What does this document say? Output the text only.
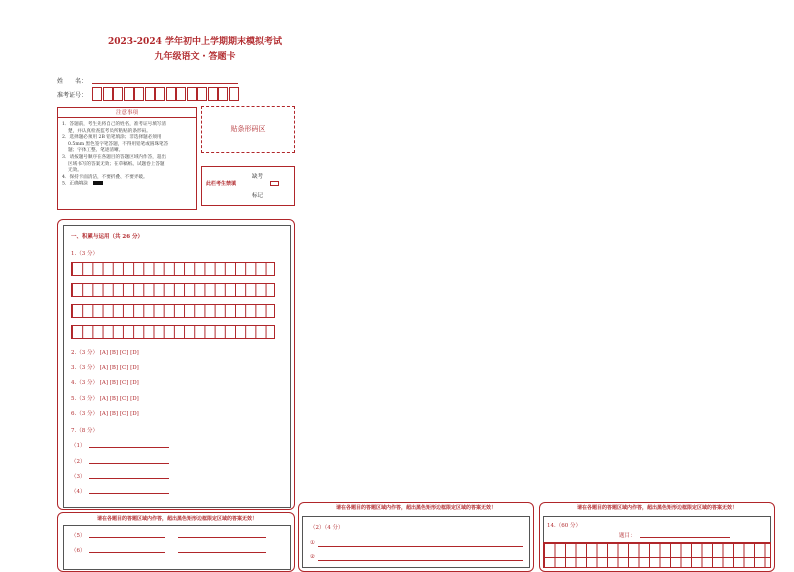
2023-2024 学年初中上学期期末模拟考试
九年级语文・答题卡
姓　　名：
准考证号：
注意事项
1．答题前，考生先将自己的姓名，准考证号填写清
　 楚，并认真检查监考员所粘贴的条形码。
2．选择题必须用 2B 铅笔填涂；非选择题必须用
　 0.5mm 黑色签字笔答题，不得用铅笔或圆珠笔答
　 题；字体工整、笔迹清晰。
3．请按题号顺序在各题目的答题区域内作答，超出
　 区域书写的答案无效；在草稿纸、试题卷上答题
　 无效。
4．保持卡面清洁，不要折叠、不要弄破。
5．正确填涂
贴条形码区
此栏考生禁填
缺考
标记
一、积累与运用（共 26 分）
1.（3 分）
2.（3 分） [A] [B] [C] [D]
3.（3 分） [A] [B] [C] [D]
4.（3 分） [A] [B] [C] [D]
5.（3 分） [A] [B] [C] [D]
6.（3 分） [A] [B] [C] [D]
7.（8 分）
（1）
（2）
（3）
（4）
请在各题目的答题区域内作答，超出黑色矩形边框限定区域的答案无效！
（5）
（6）
请在各题目的答题区域内作答，超出黑色矩形边框限定区域的答案无效！
（2）（4 分）
①
②
请在各题目的答题区域内作答，超出黑色矩形边框限定区域的答案无效！
14.（60 分）
题目：
